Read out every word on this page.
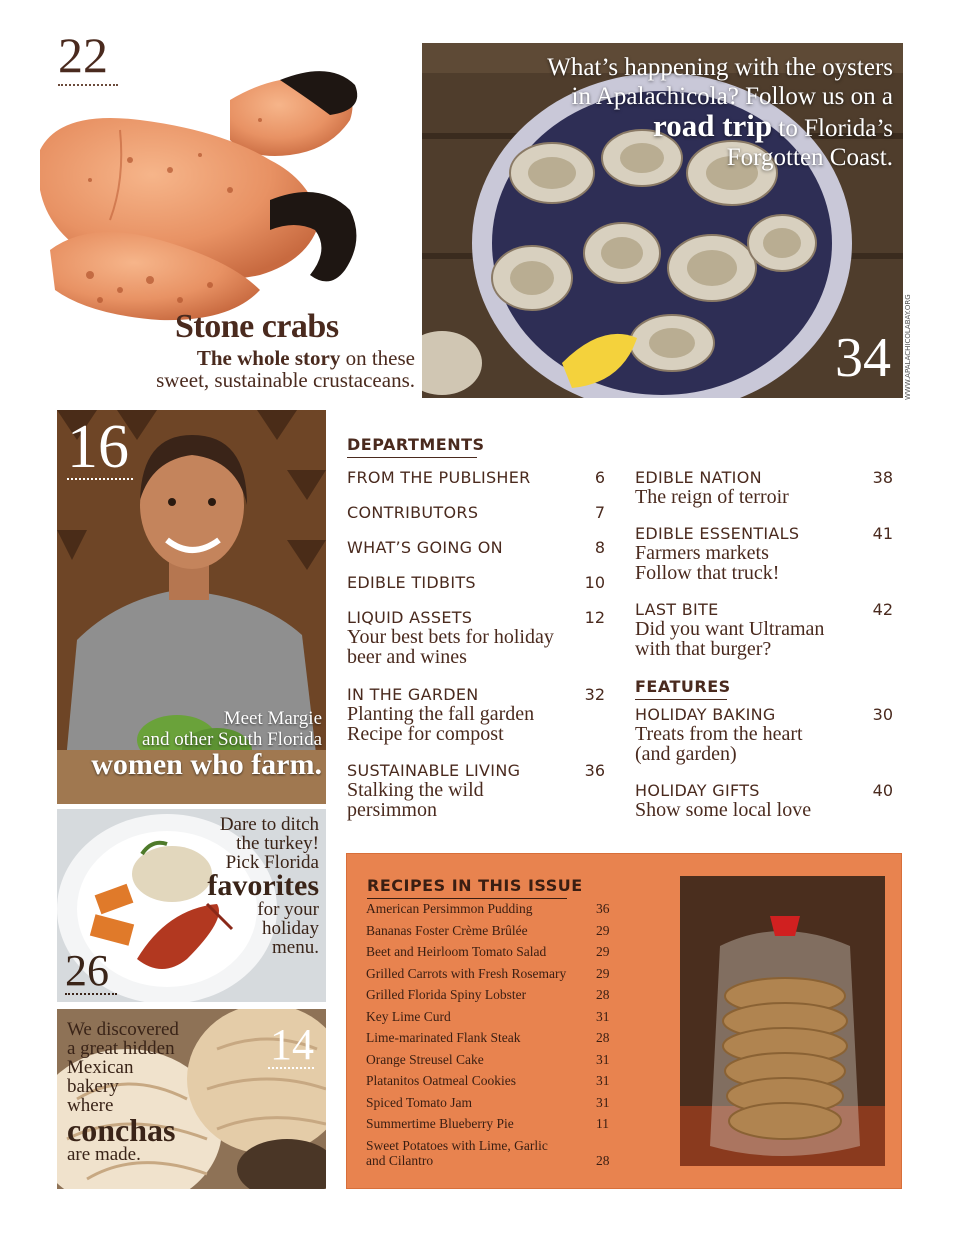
22
Stone crabs
The whole story on these
sweet, sustainable crustaceans.
What’s happening with the oysters
in Apalachicola? Follow us on a
road trip to Florida’s
Forgotten Coast.
34 WWW.APALACHICOLABAY.ORG
16
Meet Margie
and other South Florida
women who farm.
Dare to ditch
the turkey!
Pick Florida
favorites
for your
holiday
menu.
26
We discovered
a great hidden
Mexican
bakery
where
conchas
are made.
14
DEPARTMENTS
FROM THE PUBLISHER	6
CONTRIBUTORS	7
WHAT’S GOING ON	8
EDIBLE TIDBITS	10
LIQUID ASSETS	12
Your best bets for holiday
beer and wines
IN THE GARDEN	32
Planting the fall garden
Recipe for compost
SUSTAINABLE LIVING	36
Stalking the wild
persimmon
EDIBLE NATION	38
The reign of terroir
EDIBLE ESSENTIALS	41
Farmers markets
Follow that truck!
LAST BITE	42
Did you want Ultraman
with that burger?
FEATURES
HOLIDAY BAKING	30
Treats from the heart
(and garden)
HOLIDAY GIFTS	40
Show some local love
RECIPES IN THIS ISSUE
American Persimmon Pudding	36
Bananas Foster Crème Brûlée	29
Beet and Heirloom Tomato Salad	29
Grilled Carrots with Fresh Rosemary	29
Grilled Florida Spiny Lobster	28
Key Lime Curd	31
Lime-marinated Flank Steak	28
Orange Streusel Cake	31
Platanitos Oatmeal Cookies	31
Spiced Tomato Jam	31
Summertime Blueberry Pie	11
Sweet Potatoes with Lime, Garlic
and Cilantro	28
